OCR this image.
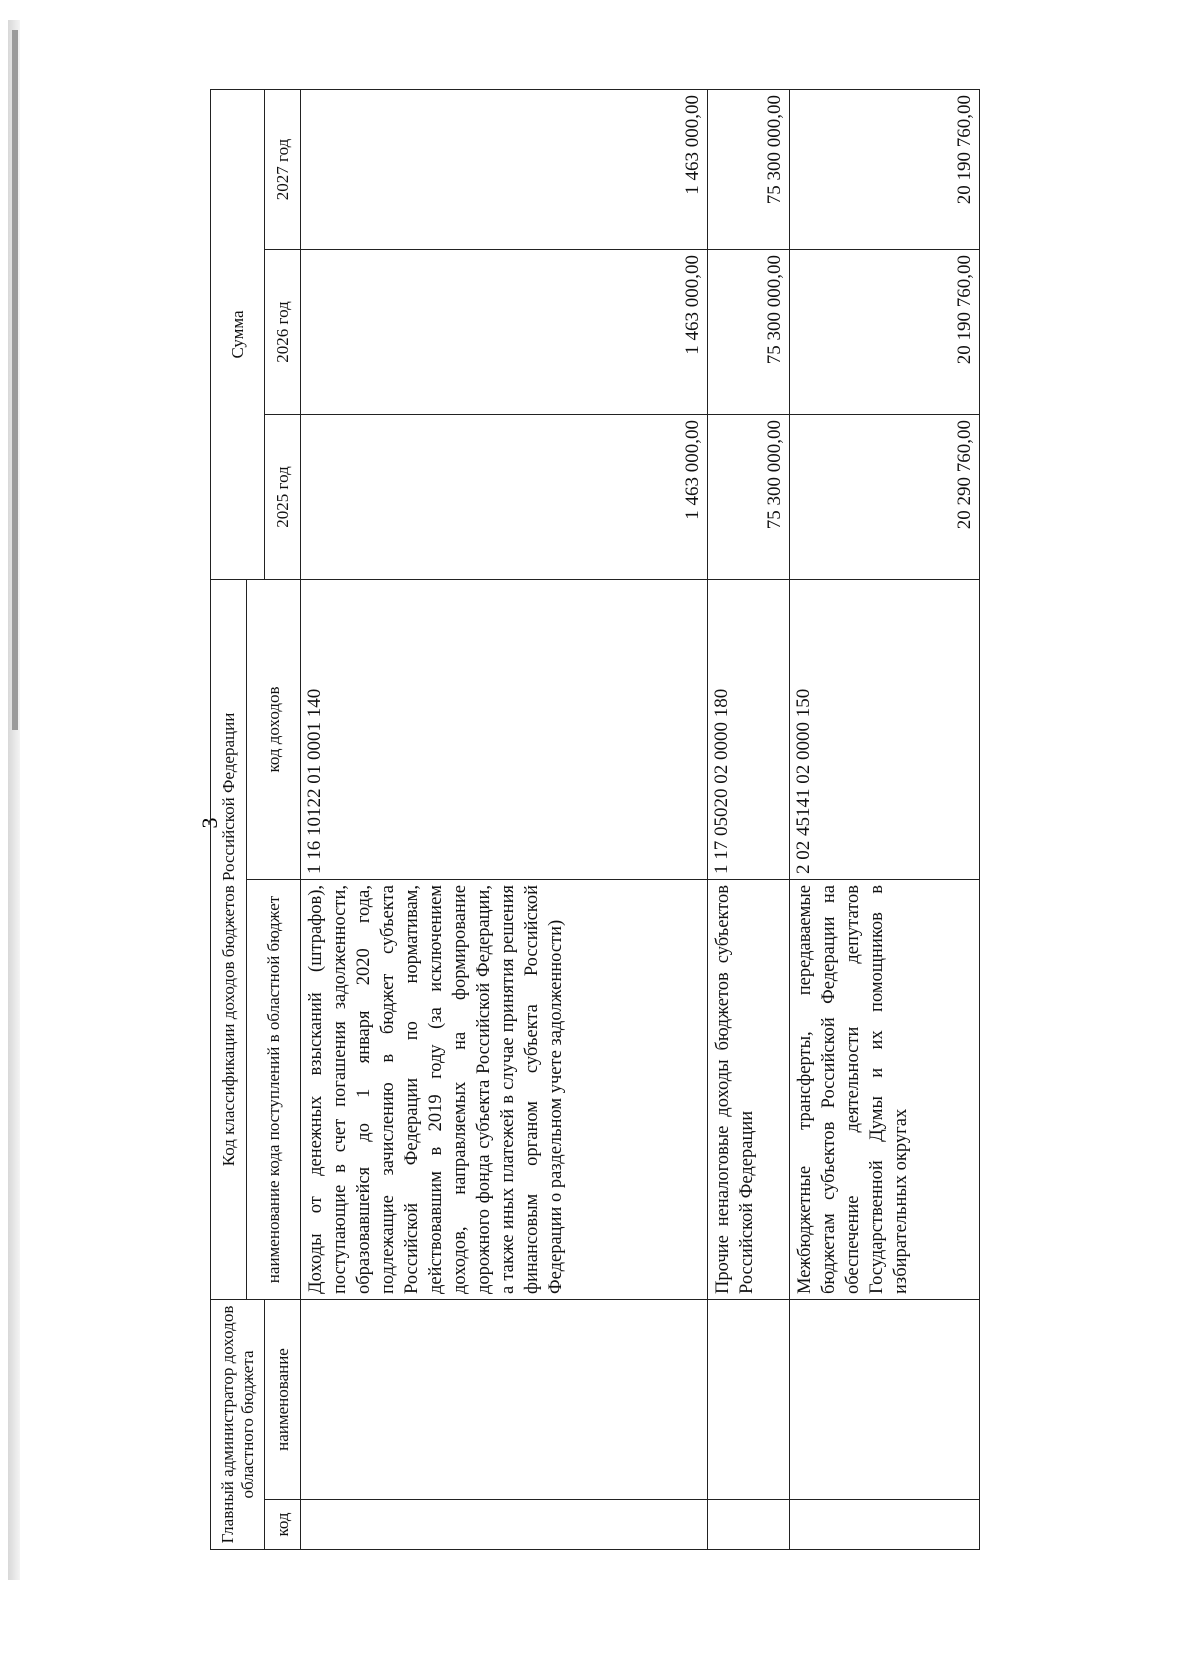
3
Главный администратор доходов областного бюджета		Код классификации доходов бюджетов Российской Федерации		Сумма		
		наименование кода поступлений в областной бюджет	код доходов			
код	наименование			2025 год	2026 год	2027 год
		Доходы от денежных взысканий (штрафов), поступающие в счет погашения задолженности, образовавшейся до 1 января 2020 года, подлежащие зачислению в бюджет субъекта Российской Федерации по нормативам, действовавшим в 2019 году (за исключением доходов, направляемых на формирование дорожного фонда субъекта Российской Федерации, а также иных платежей в случае принятия решения финансовым органом субъекта Российской Федерации о раздельном учете задолженности)	1 16 10122 01 0001 140	1 463 000,00	1 463 000,00	1 463 000,00
		Прочие неналоговые доходы бюджетов субъектов Российской Федерации	1 17 05020 02 0000 180	75 300 000,00	75 300 000,00	75 300 000,00
		Межбюджетные трансферты, передаваемые бюджетам субъектов Российской Федерации на обеспечение деятельности депутатов Государственной Думы и их помощников в избирательных округах	2 02 45141 02 0000 150	20 290 760,00	20 190 760,00	20 190 760,00
